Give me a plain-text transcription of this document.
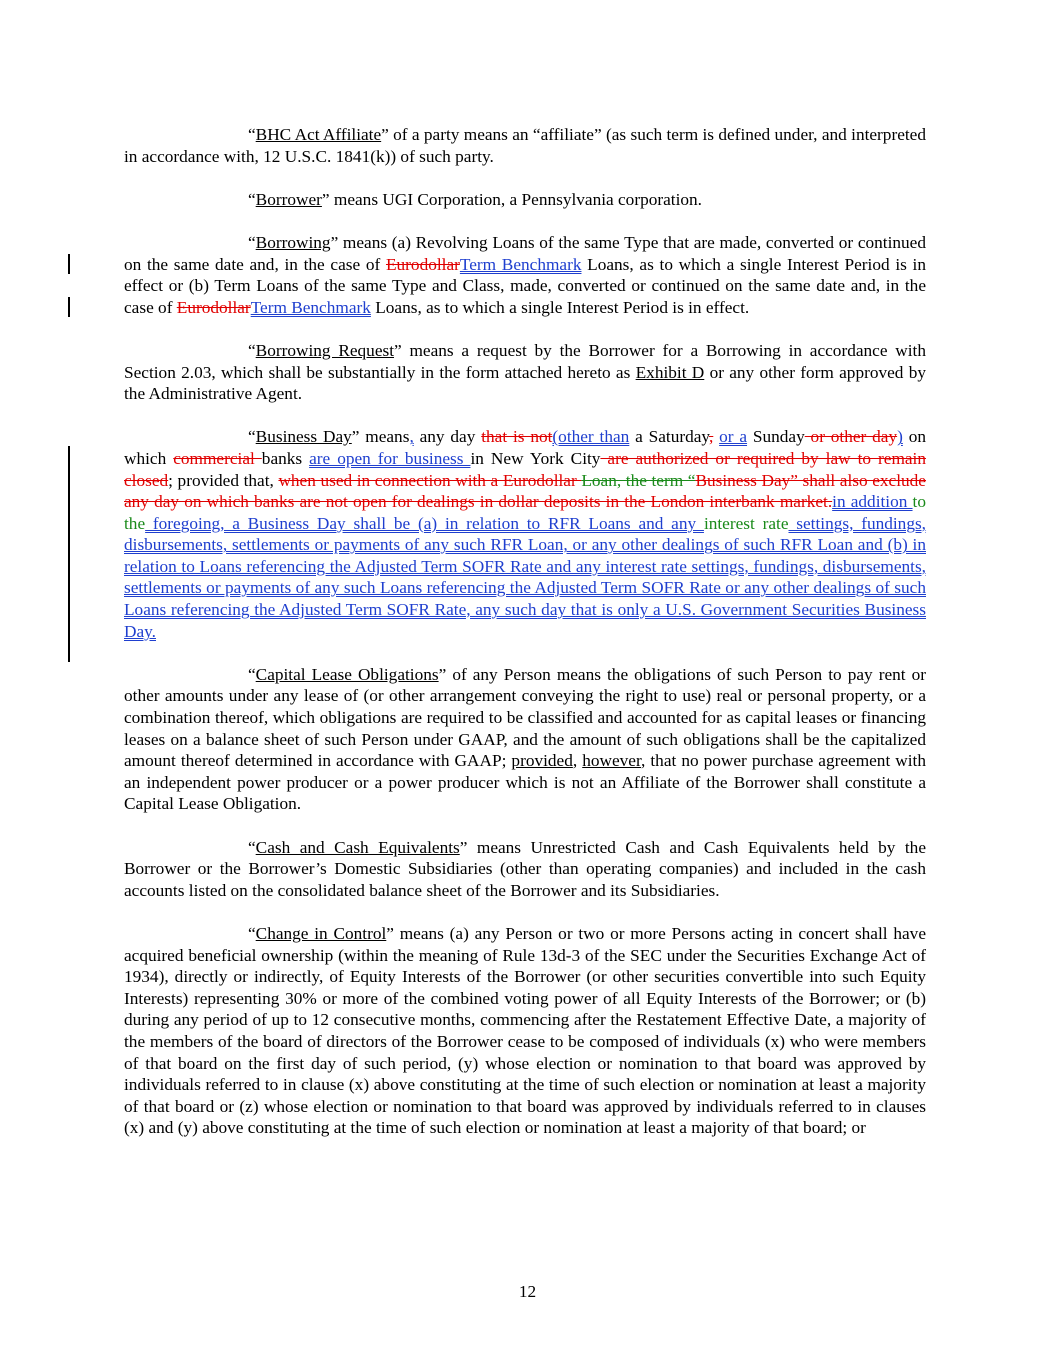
“BHC Act Affiliate” of a party means an “affiliate” (as such term is defined under, and interpreted in accordance with, 12 U.S.C. 1841(k)) of such party.

“Borrower” means UGI Corporation, a Pennsylvania corporation.

“Borrowing” means (a) Revolving Loans of the same Type that are made, converted or continued on the same date and, in the case of EurodollarTerm Benchmark Loans, as to which a single Interest Period is in effect or (b) Term Loans of the same Type and Class, made, converted or continued on the same date and, in the case of EurodollarTerm Benchmark Loans, as to which a single Interest Period is in effect.

“Borrowing Request” means a request by the Borrower for a Borrowing in accordance with Section 2.03, which shall be substantially in the form attached hereto as Exhibit D or any other form approved by the Administrative Agent.

“Business Day” means, any day that is not(other than a Saturday, or a Sunday or other day) on which commercial banks are open for business in New York City are authorized or required by law to remain closed; provided that, when used in connection with a Eurodollar Loan, the term “Business Day” shall also exclude any day on which banks are not open for dealings in dollar deposits in the London interbank market.in addition to the foregoing, a Business Day shall be (a) in relation to RFR Loans and any interest rate settings, fundings, disbursements, settlements or payments of any such RFR Loan, or any other dealings of such RFR Loan and (b) in relation to Loans referencing the Adjusted Term SOFR Rate and any interest rate settings, fundings, disbursements, settlements or payments of any such Loans referencing the Adjusted Term SOFR Rate or any other dealings of such Loans referencing the Adjusted Term SOFR Rate, any such day that is only a U.S. Government Securities Business Day.

“Capital Lease Obligations” of any Person means the obligations of such Person to pay rent or other amounts under any lease of (or other arrangement conveying the right to use) real or personal property, or a combination thereof, which obligations are required to be classified and accounted for as capital leases or financing leases on a balance sheet of such Person under GAAP, and the amount of such obligations shall be the capitalized amount thereof determined in accordance with GAAP; provided, however, that no power purchase agreement with an independent power producer or a power producer which is not an Affiliate of the Borrower shall constitute a Capital Lease Obligation.

“Cash and Cash Equivalents” means Unrestricted Cash and Cash Equivalents held by the Borrower or the Borrower’s Domestic Subsidiaries (other than operating companies) and included in the cash accounts listed on the consolidated balance sheet of the Borrower and its Subsidiaries.

“Change in Control” means (a) any Person or two or more Persons acting in concert shall have acquired beneficial ownership (within the meaning of Rule 13d-3 of the SEC under the Securities Exchange Act of 1934), directly or indirectly, of Equity Interests of the Borrower (or other securities convertible into such Equity Interests) representing 30% or more of the combined voting power of all Equity Interests of the Borrower; or (b) during any period of up to 12 consecutive months, commencing after the Restatement Effective Date, a majority of the members of the board of directors of the Borrower cease to be composed of individuals (x) who were members of that board on the first day of such period, (y) whose election or nomination to that board was approved by individuals referred to in clause (x) above constituting at the time of such election or nomination at least a majority of that board or (z) whose election or nomination to that board was approved by individuals referred to in clauses (x) and (y) above constituting at the time of such election or nomination at least a majority of that board; or

12
